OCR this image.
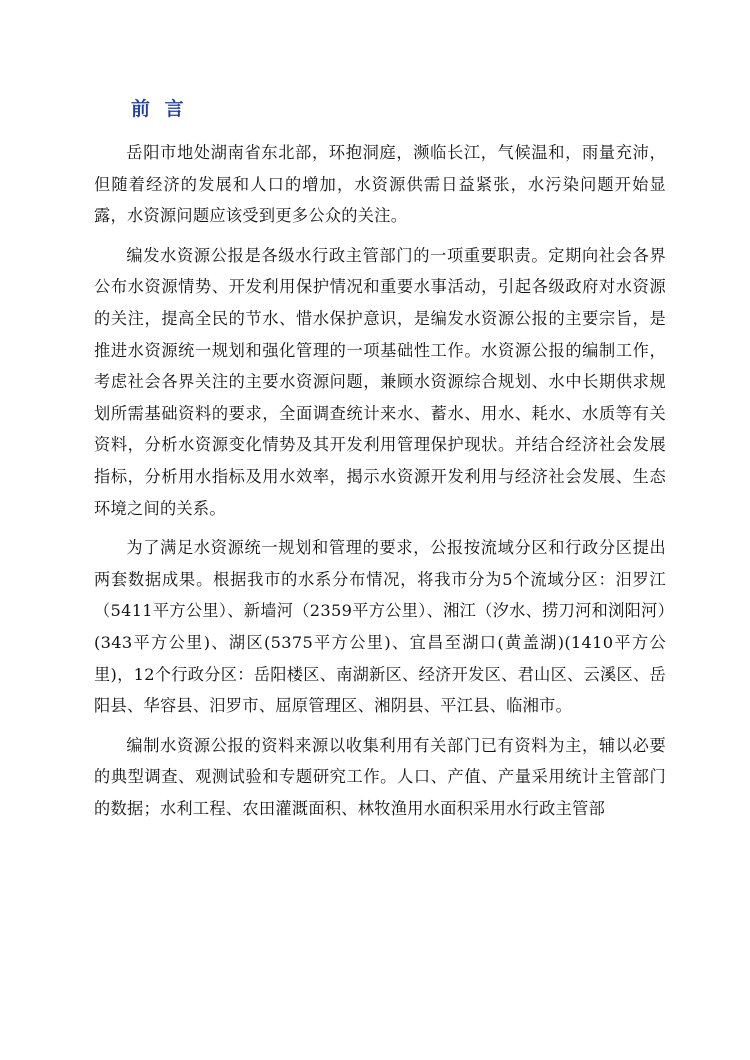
前 言

岳阳市地处湖南省东北部，环抱洞庭，濒临长江，气候温和，雨量充沛，但随着经济的发展和人口的增加，水资源供需日益紧张，水污染问题开始显露，水资源问题应该受到更多公众的关注。

编发水资源公报是各级水行政主管部门的一项重要职责。定期向社会各界公布水资源情势、开发利用保护情况和重要水事活动，引起各级政府对水资源的关注，提高全民的节水、惜水保护意识，是编发水资源公报的主要宗旨，是推进水资源统一规划和强化管理的一项基础性工作。水资源公报的编制工作，考虑社会各界关注的主要水资源问题，兼顾水资源综合规划、水中长期供求规划所需基础资料的要求，全面调查统计来水、蓄水、用水、耗水、水质等有关资料，分析水资源变化情势及其开发利用管理保护现状。并结合经济社会发展指标，分析用水指标及用水效率，揭示水资源开发利用与经济社会发展、生态环境之间的关系。

为了满足水资源统一规划和管理的要求，公报按流域分区和行政分区提出两套数据成果。根据我市的水系分布情况，将我市分为5个流域分区：汨罗江（5411平方公里）、新墙河（2359平方公里）、湘江（汐水、捞刀河和浏阳河）(343平方公里)、湖区(5375平方公里)、宜昌至湖口(黄盖湖)(1410平方公里)，12个行政分区：岳阳楼区、南湖新区、经济开发区、君山区、云溪区、岳阳县、华容县、汨罗市、屈原管理区、湘阴县、平江县、临湘市。

编制水资源公报的资料来源以收集利用有关部门已有资料为主，辅以必要的典型调查、观测试验和专题研究工作。人口、产值、产量采用统计主管部门的数据；水利工程、农田灌溉面积、林牧渔用水面积采用水行政主管部
